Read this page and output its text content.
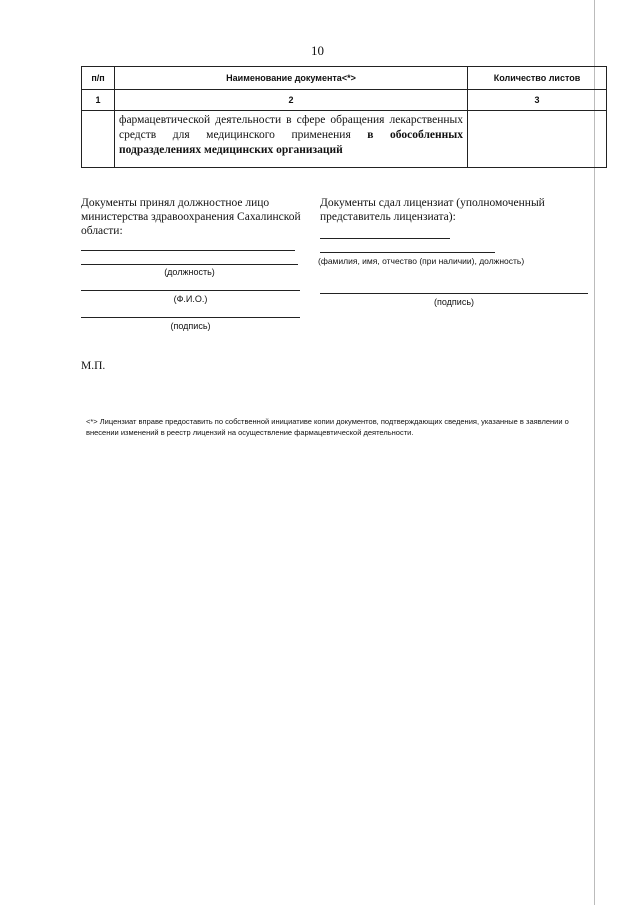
10
п/п	Наименование документа<*>	Количество листов
1	2	3
	фармацевтической деятельности в сфере обращения лекарственных средств для медицинского применения в обособленных подразделениях медицинских организаций	
Документы принял должностное лицо министерства здравоохранения Сахалинской области:
(должность)
(Ф.И.О.)
(подпись)
Документы сдал лицензиат (уполномоченный представитель лицензиата):
(фамилия, имя, отчество (при наличии), должность)
(подпись)
М.П.
<*> Лицензиат вправе предоставить по собственной инициативе копии документов, подтверждающих сведения, указанные в заявлении о внесении изменений в реестр лицензий на осуществление фармацевтической деятельности.
